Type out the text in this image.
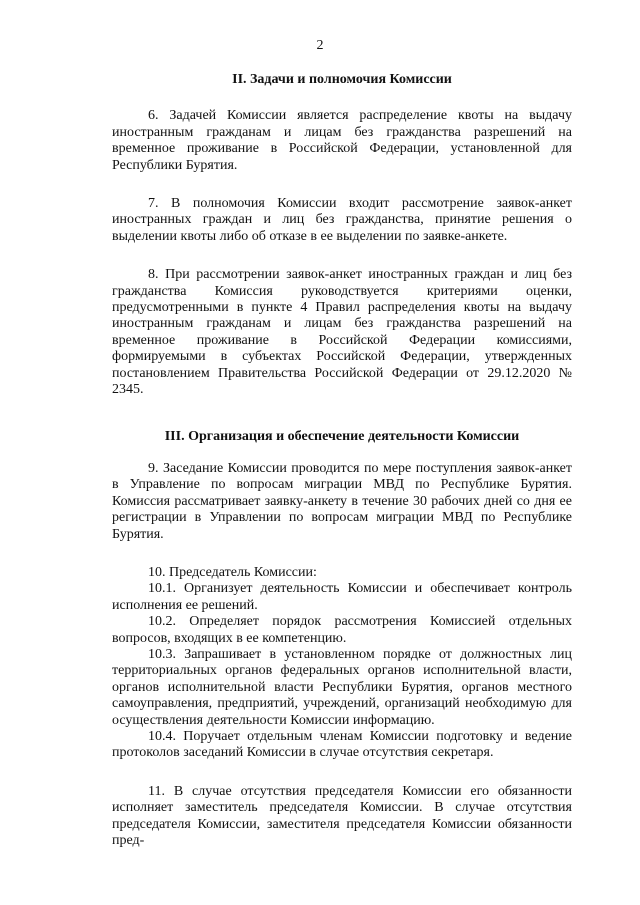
2
II. Задачи и полномочия Комиссии

6. Задачей Комиссии является распределение квоты на выдачу иностранным гражданам и лицам без гражданства разрешений на временное проживание в Российской Федерации, установленной для Республики Бурятия.

7. В полномочия Комиссии входит рассмотрение заявок-анкет иностранных граждан и лиц без гражданства, принятие решения о выделении квоты либо об отказе в ее выделении по заявке-анкете.

8. При рассмотрении заявок-анкет иностранных граждан и лиц без гражданства Комиссия руководствуется критериями оценки, предусмотренными в пункте 4 Правил распределения квоты на выдачу иностранным гражданам и лицам без гражданства разрешений на временное проживание в Российской Федерации комиссиями, формируемыми в субъектах Российской Федерации, утвержденных постановлением Правительства Российской Федерации от 29.12.2020 № 2345.

III. Организация и обеспечение деятельности Комиссии

9. Заседание Комиссии проводится по мере поступления заявок-анкет в Управление по вопросам миграции МВД по Республике Бурятия. Комиссия рассматривает заявку-анкету в течение 30 рабочих дней со дня ее регистрации в Управлении по вопросам миграции МВД по Республике Бурятия.

10. Председатель Комиссии:

10.1. Организует деятельность Комиссии и обеспечивает контроль исполнения ее решений.

10.2. Определяет порядок рассмотрения Комиссией отдельных вопросов, входящих в ее компетенцию.

10.3. Запрашивает в установленном порядке от должностных лиц территориальных органов федеральных органов исполнительной власти, органов исполнительной власти Республики Бурятия, органов местного самоуправления, предприятий, учреждений, организаций необходимую для осуществления деятельности Комиссии информацию.

10.4. Поручает отдельным членам Комиссии подготовку и ведение протоколов заседаний Комиссии в случае отсутствия секретаря.

11. В случае отсутствия председателя Комиссии его обязанности исполняет заместитель председателя Комиссии. В случае отсутствия председателя Комиссии, заместителя председателя Комиссии обязанности пред-
